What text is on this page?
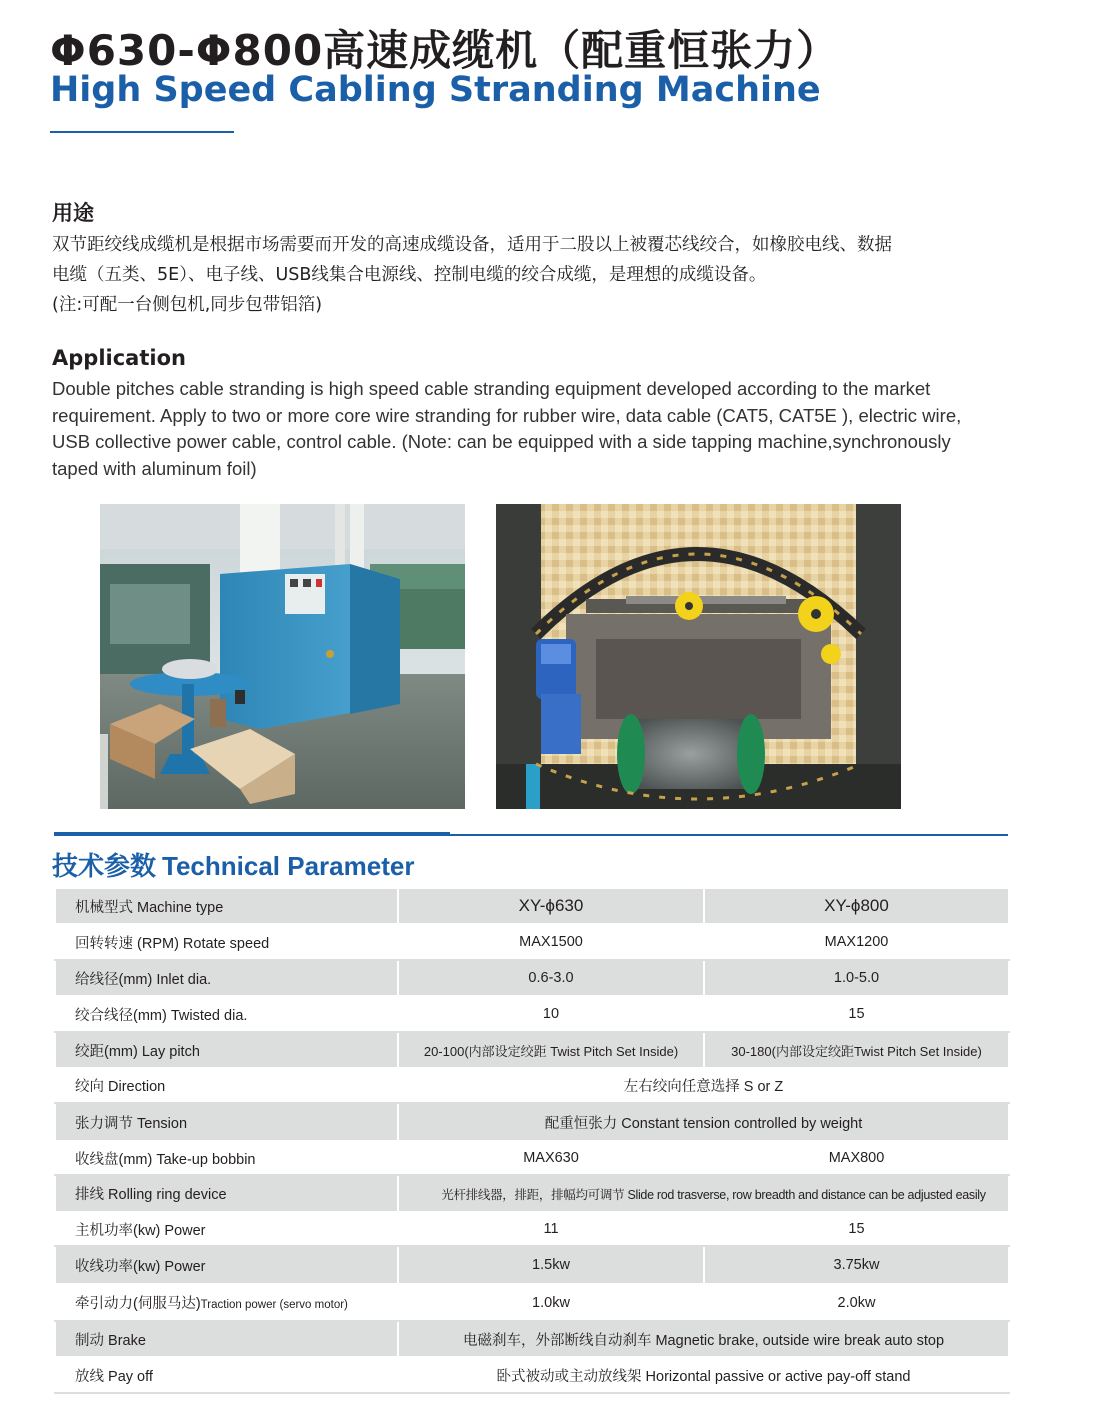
Φ630-Φ800高速成缆机（配重恒张力）
High Speed Cabling Stranding Machine
用途
双节距绞线成缆机是根据市场需要而开发的高速成缆设备，适用于二股以上被覆芯线绞合，如橡胶电线、数据
电缆（五类、5E）、电子线、USB线集合电源线、控制电缆的绞合成缆，是理想的成缆设备。
(注:可配一台侧包机,同步包带铝箔)
Application
Double pitches cable stranding is high speed cable stranding equipment developed according to the market
requirement. Apply to two or more core wire stranding for rubber wire, data cable (CAT5, CAT5E ), electric wire,
USB collective power cable, control cable. (Note: can be equipped with a side tapping machine,synchronously
taped with aluminum foil)
技术参数 Technical Parameter
机械型式 Machine type	XY-ϕ630	XY-ϕ800
回转转速 (RPM) Rotate speed	MAX1500	MAX1200
给线径(mm) Inlet dia.	0.6-3.0	1.0-5.0
绞合线径(mm) Twisted dia.	10	15
绞距(mm) Lay pitch	20-100(内部设定绞距 Twist Pitch Set Inside)	30-180(内部设定绞距Twist Pitch Set Inside)
绞向 Direction	左右绞向任意选择 S or Z	
张力调节 Tension	配重恒张力 Constant tension controlled by weight	
收线盘(mm) Take-up bobbin	MAX630	MAX800
排线 Rolling ring device	光杆排线器，排距，排幅均可调节 Slide rod trasverse, row breadth and distance can be adjusted easily	
主机功率(kw) Power	11	15
收线功率(kw) Power	1.5kw	3.75kw
牵引动力(伺服马达)Traction power (servo motor)	1.0kw	2.0kw
制动 Brake	电磁刹车，外部断线自动刹车 Magnetic brake, outside wire break auto stop	
放线 Pay off	卧式被动或主动放线架 Horizontal passive or active pay-off stand	
